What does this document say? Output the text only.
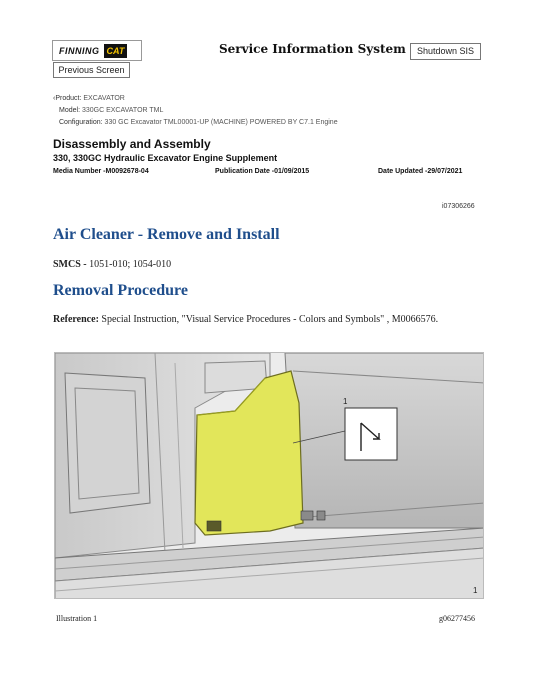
FINNING CAT	Service Information System	Shutdown SIS
Previous Screen
‹Product: EXCAVATOR
Model: 330GC EXCAVATOR TML
Configuration: 330 GC Excavator TML00001-UP (MACHINE) POWERED BY C7.1 Engine
Disassembly and Assembly
330, 330GC Hydraulic Excavator Engine Supplement
Media Number -M0092678-04	Publication Date -01/09/2015	Date Updated -29/07/2021
i07306266
Air Cleaner - Remove and Install
SMCS - 1051-010; 1054-010
Removal Procedure
Reference: Special Instruction, "Visual Service Procedures - Colors and Symbols" , M0066576.
1
1
Illustration 1	g06277456
